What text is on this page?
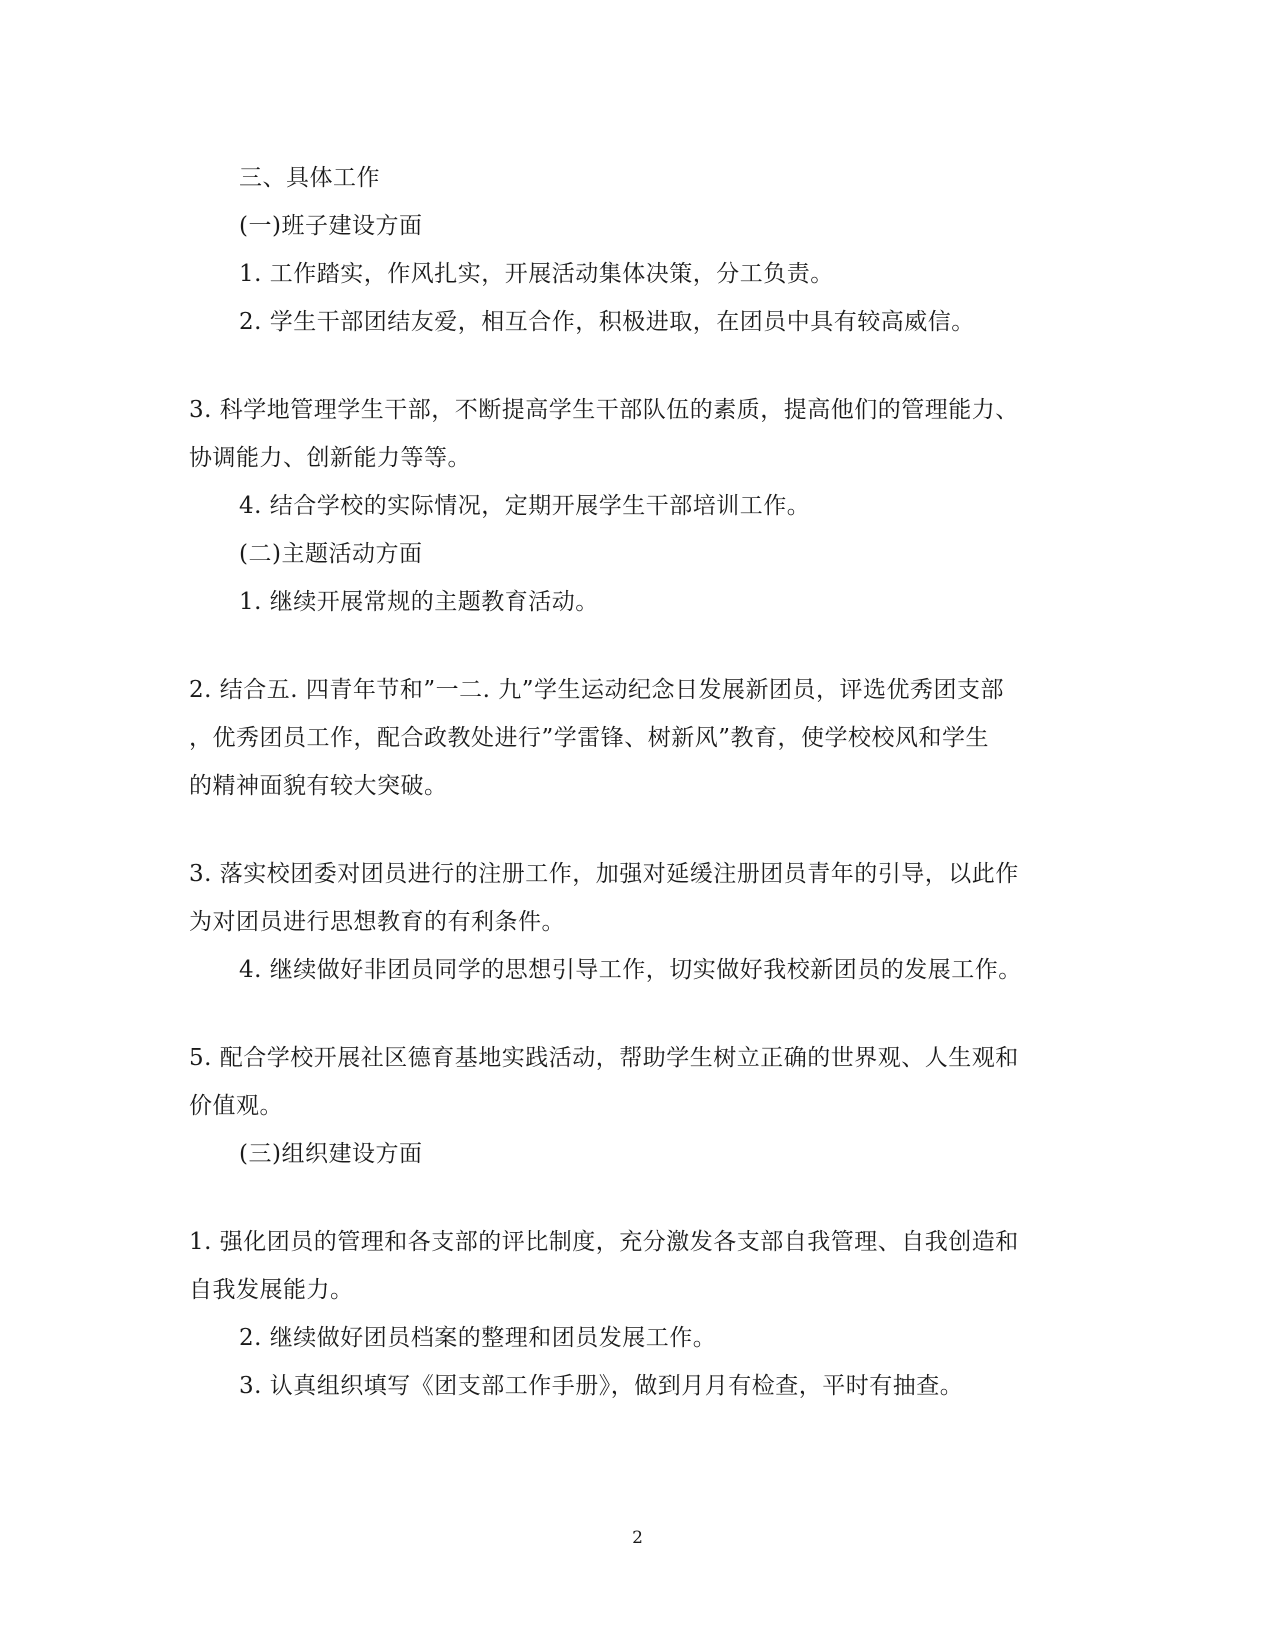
三、具体工作
(一)班子建设方面
1. 工作踏实，作风扎实，开展活动集体决策，分工负责。
2. 学生干部团结友爱，相互合作，积极进取，在团员中具有较高威信。
3. 科学地管理学生干部，不断提高学生干部队伍的素质，提高他们的管理能力、
协调能力、创新能力等等。
4. 结合学校的实际情况，定期开展学生干部培训工作。
(二)主题活动方面
1. 继续开展常规的主题教育活动。
2. 结合五. 四青年节和”一二. 九”学生运动纪念日发展新团员，评选优秀团支部
，优秀团员工作，配合政教处进行”学雷锋、树新风”教育，使学校校风和学生
的精神面貌有较大突破。
3. 落实校团委对团员进行的注册工作，加强对延缓注册团员青年的引导，以此作
为对团员进行思想教育的有利条件。
4. 继续做好非团员同学的思想引导工作，切实做好我校新团员的发展工作。
5. 配合学校开展社区德育基地实践活动，帮助学生树立正确的世界观、人生观和
价值观。
(三)组织建设方面
1. 强化团员的管理和各支部的评比制度，充分激发各支部自我管理、自我创造和
自我发展能力。
2. 继续做好团员档案的整理和团员发展工作。
3. 认真组织填写《团支部工作手册》，做到月月有检查，平时有抽查。
2
